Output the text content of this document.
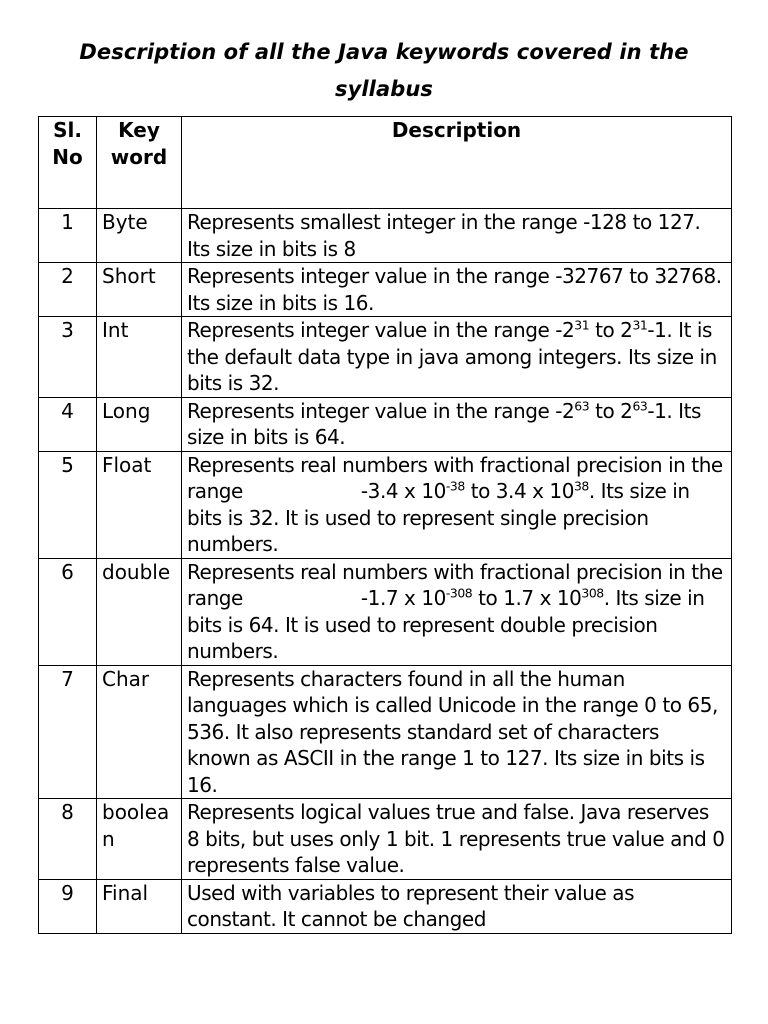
Description of all the Java keywords covered in the syllabus
Sl. No	Key word	Description
1	Byte	Represents smallest integer in the range -128 to 127. Its size in bits is 8
2	Short	Represents integer value in the range -32767 to 32768. Its size in bits is 16.
3	Int	Represents integer value in the range $-2^{31}$ to $2^{31}-1$. It is the default data type in java among integers. Its size in bits is 32.
4	Long	Represents integer value in the range $-2^{63}$ to $2^{63}-1$. Its size in bits is 64.
5	Float	Represents real numbers with fractional precision in the range -3.4 x $10^{-38}$ to 3.4 x $10^{38}$. Its size in bits is 32. It is used to represent single precision numbers.
6	double	Represents real numbers with fractional precision in the range -1.7 x $10^{-308}$ to 1.7 x $10^{308}$. Its size in bits is 64. It is used to represent double precision numbers.
7	Char	Represents characters found in all the human languages which is called Unicode in the range 0 to 65, 536. It also represents standard set of characters known as ASCII in the range 1 to 127. Its size in bits is 16.
8	boolean	Represents logical values true and false. Java reserves 8 bits, but uses only 1 bit. 1 represents true value and 0 represents false value.
9	Final	Used with variables to represent their value as constant. It cannot be changed
